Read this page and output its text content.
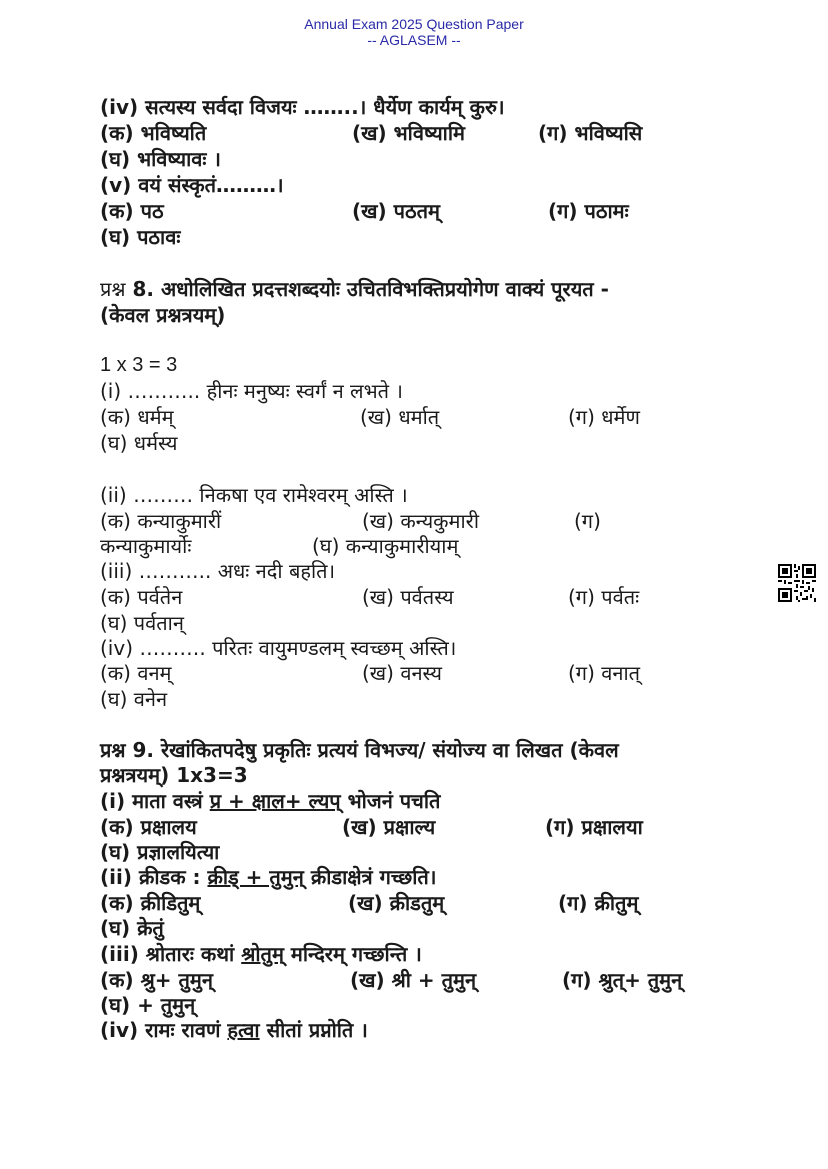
Annual Exam 2025 Question Paper
-- AGLASEM --
(iv) सत्यस्य सर्वदा विजयः ……..। धैर्येण कार्यम् कुरु।
(क) भविष्यति	(ख) भविष्यामि	(ग) भविष्यसि
(घ) भविष्यावः ।
(v) वयं संस्कृतं………।
(क) पठ	(ख) पठतम्	(ग) पठामः
(घ) पठावः
प्रश्न 8. अधोलिखित प्रदत्तशब्दयोः उचितविभक्तिप्रयोगेण वाक्यं पूरयत -
(केवल प्रश्नत्रयम्)
1 x 3 = 3
(i) ……….. हीनः मनुष्यः स्वर्गं न लभते ।
(क) धर्मम्	(ख) धर्मात्	(ग) धर्मेण
(घ) धर्मस्य
(ii) ……… निकषा एव रामेश्वरम् अस्ति ।
(क) कन्याकुमारीं	(ख) कन्यकुमारी	(ग)
कन्याकुमार्योः	(घ) कन्याकुमारीयाम्
(iii) ……….. अधः नदी बहति।
(क) पर्वतेन	(ख) पर्वतस्य	(ग) पर्वतः
(घ) पर्वतान्
(iv) ………. परितः वायुमण्डलम् स्वच्छम् अस्ति।
(क) वनम्	(ख) वनस्य	(ग) वनात्
(घ) वनेन
प्रश्न 9. रेखांकितपदेषु प्रकृतिः प्रत्ययं विभज्य/ संयोज्य वा लिखत (केवल
प्रश्नत्रयम्) 1x3=3
(i) माता वस्त्रं प्र + क्षाल+ ल्यप् भोजनं पचति
(क) प्रक्षालय	(ख) प्रक्षाल्य	(ग) प्रक्षालया
(घ) प्रज्ञालयित्या
(ii) क्रीडक : क्रीड् + तुमुन् क्रीडाक्षेत्रं गच्छति।
(क) क्रीडितुम्	(ख) क्रीडतुम्	(ग) क्रीतुम्
(घ) क्रेतुं
(iii) श्रोतारः कथां श्रोतुम् मन्दिरम् गच्छन्ति ।
(क) श्रु+ तुमुन्	(ख) श्री + तुमुन्	(ग) श्रुत्+ तुमुन्
(घ) + तुमुन्
(iv) रामः रावणं हत्वा सीतां प्रप्नोति ।
